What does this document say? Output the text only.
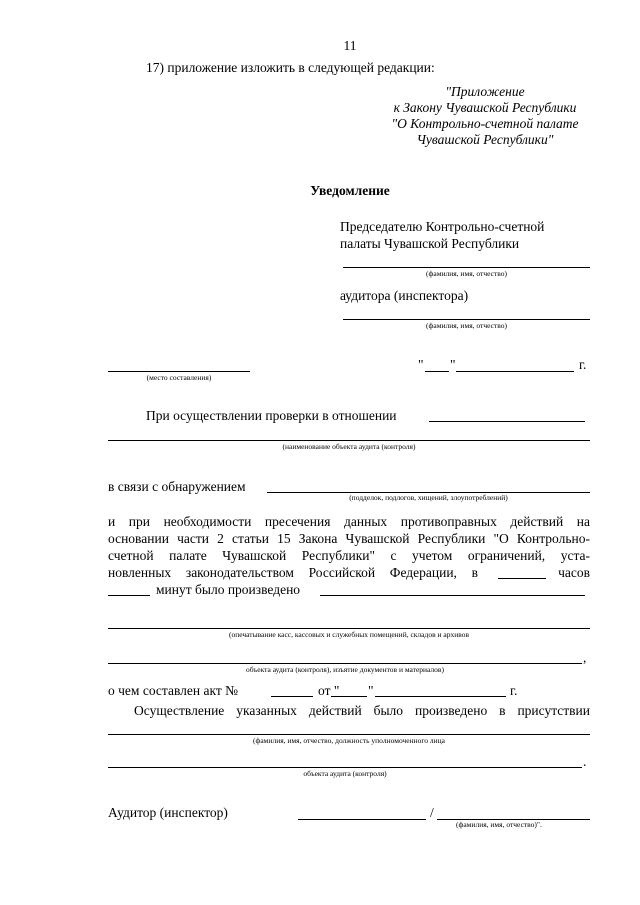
11
17) приложение изложить в следующей редакции:
"Приложение
к Закону Чувашской Республики
"О Контрольно-счетной палате
Чувашской Республики"
Уведомление
Председателю Контрольно-счетной
палаты Чувашской Республики
(фамилия, имя, отчество)
аудитора (инспектора)
(фамилия, имя, отчество)
(место составления)
" "	г.
При осуществлении проверки в отношении
(наименование объекта аудита (контроля)
в связи с обнаружением
(подделок, подлогов, хищений, злоупотреблений)
и при необходимости пресечения данных противоправных действий на
основании части 2 статьи 15 Закона Чувашской Республики "О Контрольно-
счетной палате Чувашской Республики" с учетом ограничений, уста-
новленных законодательством Российской Федерации, в	часов
минут было произведено
(опечатывание касс, кассовых и служебных помещений, складов и архивов
,
объекта аудита (контроля), изъятие документов и материалов)
о чем составлен акт №	от " "	г.
Осуществление указанных действий было произведено в присутствии
(фамилия, имя, отчество, должность уполномоченного лица
.
объекта аудита (контроля)
Аудитор (инспектор)	/
(фамилия, имя, отчество)".
